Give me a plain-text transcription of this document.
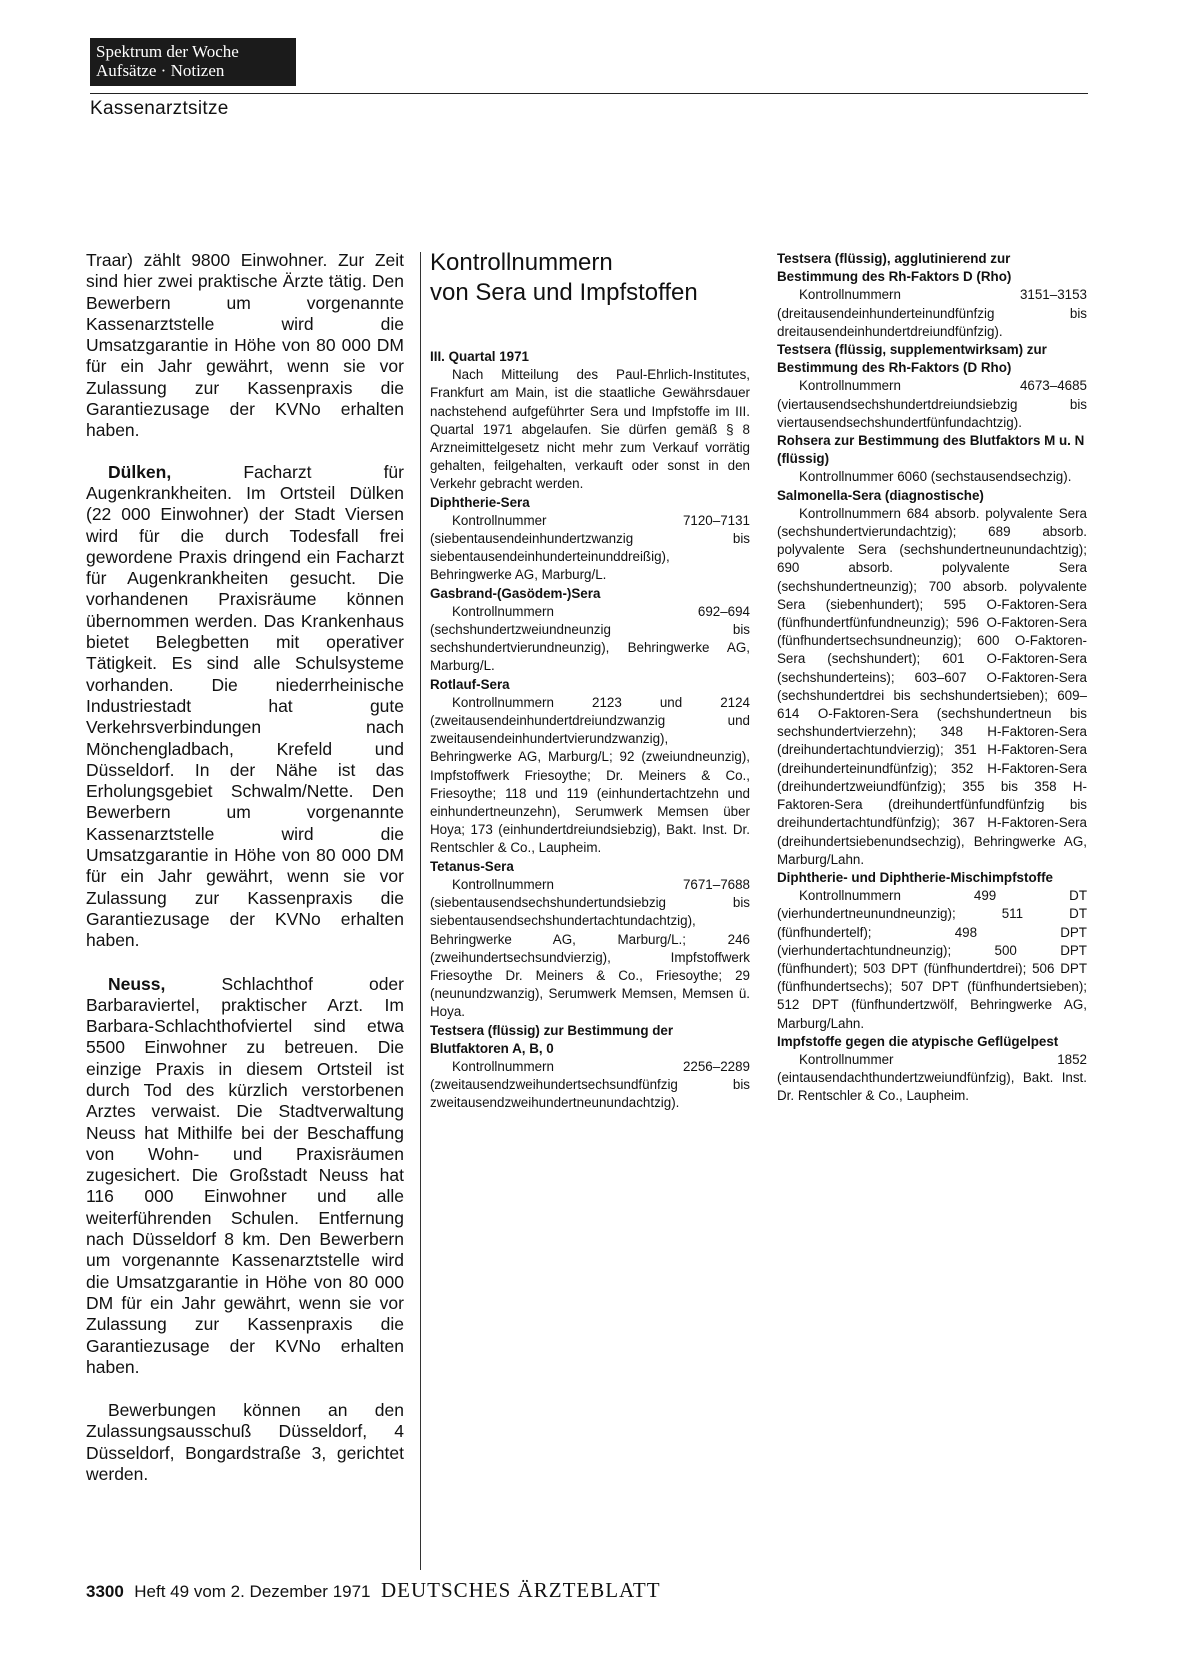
Spektrum der Woche
Aufsätze · Notizen
Kassenarztsitze

Traar) zählt 9800 Einwohner. Zur Zeit sind hier zwei praktische Ärzte tätig. Den Bewerbern um vorgenannte Kassenarztstelle wird die Umsatzgarantie in Höhe von 80 000 DM für ein Jahr gewährt, wenn sie vor Zulassung zur Kassenpraxis die Garantiezusage der KVNo erhalten haben.

Dülken, Facharzt für Augenkrankheiten. Im Ortsteil Dülken (22 000 Einwohner) der Stadt Viersen wird für die durch Todesfall frei gewordene Praxis dringend ein Facharzt für Augenkrankheiten gesucht. Die vorhandenen Praxisräume können übernommen werden. Das Krankenhaus bietet Belegbetten mit operativer Tätigkeit. Es sind alle Schulsysteme vorhanden. Die niederrheinische Industriestadt hat gute Verkehrsverbindungen nach Mönchengladbach, Krefeld und Düsseldorf. In der Nähe ist das Erholungsgebiet Schwalm/Nette. Den Bewerbern um vorgenannte Kassenarztstelle wird die Umsatzgarantie in Höhe von 80 000 DM für ein Jahr gewährt, wenn sie vor Zulassung zur Kassenpraxis die Garantiezusage der KVNo erhalten haben.

Neuss, Schlachthof oder Barbaraviertel, praktischer Arzt. Im Barbara-Schlachthofviertel sind etwa 5500 Einwohner zu betreuen. Die einzige Praxis in diesem Ortsteil ist durch Tod des kürzlich verstorbenen Arztes verwaist. Die Stadtverwaltung Neuss hat Mithilfe bei der Beschaffung von Wohn- und Praxisräumen zugesichert. Die Großstadt Neuss hat 116 000 Einwohner und alle weiterführenden Schulen. Entfernung nach Düsseldorf 8 km. Den Bewerbern um vorgenannte Kassenarztstelle wird die Umsatzgarantie in Höhe von 80 000 DM für ein Jahr gewährt, wenn sie vor Zulassung zur Kassenpraxis die Garantiezusage der KVNo erhalten haben.

Bewerbungen können an den Zulassungsausschuß Düsseldorf, 4 Düsseldorf, Bongardstraße 3, gerichtet werden.

Kontrollnummern
von Sera und Impfstoffen

III. Quartal 1971

Nach Mitteilung des Paul-Ehrlich-Institutes, Frankfurt am Main, ist die staatliche Gewährsdauer nachstehend aufgeführter Sera und Impfstoffe im III. Quartal 1971 abgelaufen. Sie dürfen gemäß § 8 Arzneimittelgesetz nicht mehr zum Verkauf vorrätig gehalten, feilgehalten, verkauft oder sonst in den Verkehr gebracht werden.

Diphtherie-Sera

Kontrollnummer 7120–7131 (siebentausendeinhundertzwanzig bis siebentausendeinhunderteinunddreißig), Behringwerke AG, Marburg/L.

Gasbrand-(Gasödem-)Sera

Kontrollnummern 692–694 (sechshundertzweiundneunzig bis sechshundertvierundneunzig), Behringwerke AG, Marburg/L.

Rotlauf-Sera

Kontrollnummern 2123 und 2124 (zweitausendeinhundertdreiundzwanzig und zweitausendeinhundertvierundzwanzig), Behringwerke AG, Marburg/L; 92 (zweiundneunzig), Impfstoffwerk Friesoythe; Dr. Meiners & Co., Friesoythe; 118 und 119 (einhundertachtzehn und einhundertneunzehn), Serumwerk Memsen über Hoya; 173 (einhundertdreiundsiebzig), Bakt. Inst. Dr. Rentschler & Co., Laupheim.

Tetanus-Sera

Kontrollnummern 7671–7688 (siebentausendsechshundertundsiebzig bis siebentausendsechshundertachtundachtzig), Behringwerke AG, Marburg/L.; 246 (zweihundertsechsundvierzig), Impfstoffwerk Friesoythe Dr. Meiners & Co., Friesoythe; 29 (neunundzwanzig), Serumwerk Memsen, Memsen ü. Hoya.

Testsera (flüssig) zur Bestimmung der Blutfaktoren A, B, 0

Kontrollnummern 2256–2289 (zweitausendzweihundertsechsundfünfzig bis zweitausendzweihundertneunundachtzig).

Testsera (flüssig), agglutinierend zur Bestimmung des Rh-Faktors D (Rho)

Kontrollnummern 3151–3153 (dreitausendeinhunderteinundfünfzig bis dreitausendeinhundertdreiundfünfzig).

Testsera (flüssig, supplementwirksam) zur Bestimmung des Rh-Faktors (D Rho)

Kontrollnummern 4673–4685 (viertausendsechshundertdreiundsiebzig bis viertausendsechshundertfünfundachtzig).

Rohsera zur Bestimmung des Blutfaktors M u. N (flüssig)

Kontrollnummer 6060 (sechstausendsechzig).

Salmonella-Sera (diagnostische)

Kontrollnummern 684 absorb. polyvalente Sera (sechshundertvierundachtzig); 689 absorb. polyvalente Sera (sechshundertneunundachtzig); 690 absorb. polyvalente Sera (sechshundertneunzig); 700 absorb. polyvalente Sera (siebenhundert); 595 O-Faktoren-Sera (fünfhundertfünfundneunzig); 596 O-Faktoren-Sera (fünfhundertsechsundneunzig); 600 O-Faktoren-Sera (sechshundert); 601 O-Faktoren-Sera (sechshunderteins); 603–607 O-Faktoren-Sera (sechshundertdrei bis sechshundertsieben); 609–614 O-Faktoren-Sera (sechshundertneun bis sechshundertvierzehn); 348 H-Faktoren-Sera (dreihundertachtundvierzig); 351 H-Faktoren-Sera (dreihunderteinundfünfzig); 352 H-Faktoren-Sera (dreihundertzweiundfünfzig); 355 bis 358 H-Faktoren-Sera (dreihundertfünfundfünfzig bis dreihundertachtundfünfzig); 367 H-Faktoren-Sera (dreihundertsiebenundsechzig), Behringwerke AG, Marburg/Lahn.

Diphtherie- und Diphtherie-Mischimpfstoffe

Kontrollnummern 499 DT (vierhundertneunundneunzig); 511 DT (fünfhundertelf); 498 DPT (vierhundertachtundneunzig); 500 DPT (fünfhundert); 503 DPT (fünfhundertdrei); 506 DPT (fünfhundertsechs); 507 DPT (fünfhundertsieben); 512 DPT (fünfhundertzwölf, Behringwerke AG, Marburg/Lahn.

Impfstoffe gegen die atypische Geflügelpest

Kontrollnummer 1852 (eintausendachthundertzweiundfünfzig), Bakt. Inst. Dr. Rentschler & Co., Laupheim.

3300 Heft 49 vom 2. Dezember 1971 DEUTSCHES ÄRZTEBLATT
